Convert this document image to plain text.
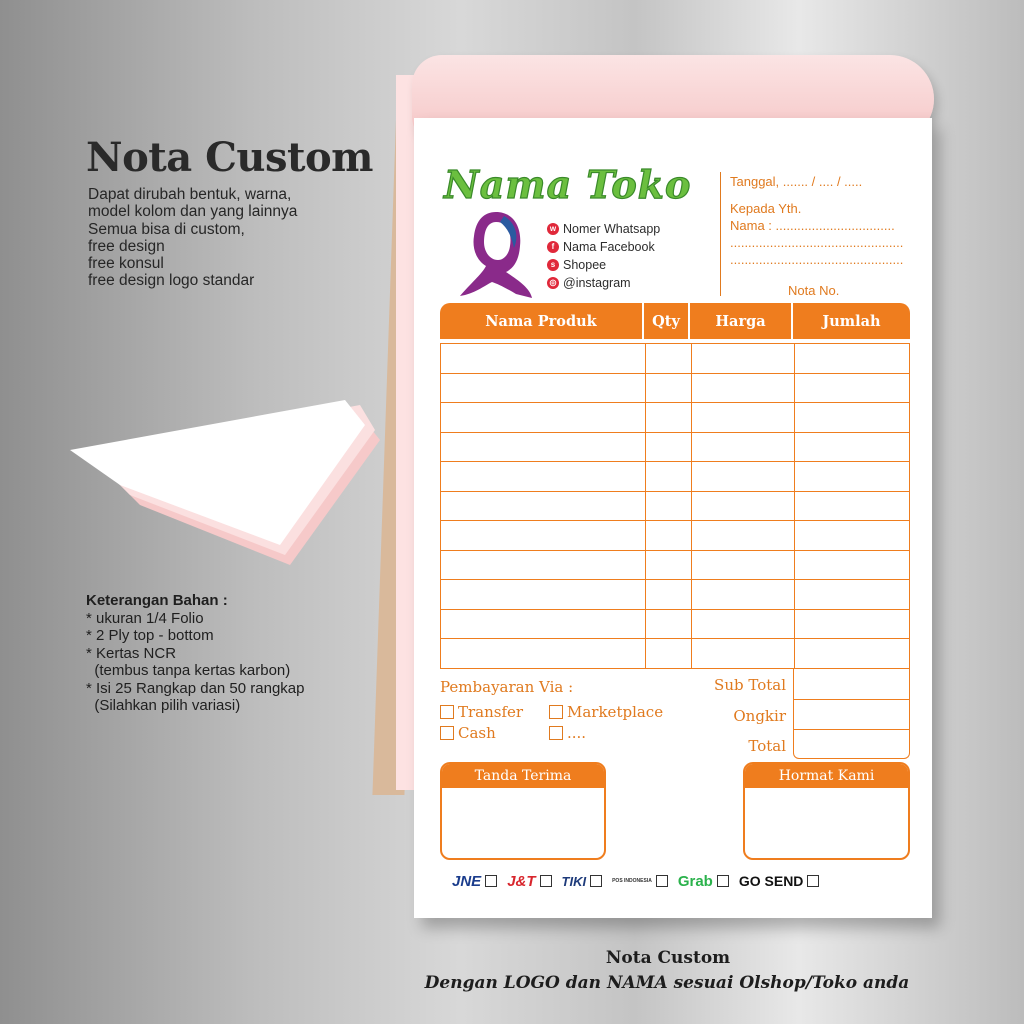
Nota Custom
Dapat dirubah bentuk, warna,
model kolom dan yang lainnya
Semua bisa di custom,
free design
free konsul
free design logo standar
Keterangan Bahan :
* ukuran 1/4 Folio
* 2 Ply top - bottom
* Kertas NCR
(tembus tanpa kertas karbon)
* Isi 25 Rangkap dan 50 rangkap
(Silahkan pilih variasi)
Nama Toko
w Nomer Whatsapp
f Nama Facebook
s Shopee
◎ @instagram
Tanggal, ....... / .... / .....
Kepada Yth.
Nama : .................................
................................................
................................................
Nota No.
Nama Produk	Qty	Harga	Jumlah
Pembayaran Via :
Transfer	Marketplace
Cash	....
Sub Total
Ongkir
Total
Tanda Terima	Hormat Kami
JNE J&T TIKI	POS INDONESIA Grab GO SEND
Nota Custom
Dengan LOGO dan NAMA sesuai Olshop/Toko anda
